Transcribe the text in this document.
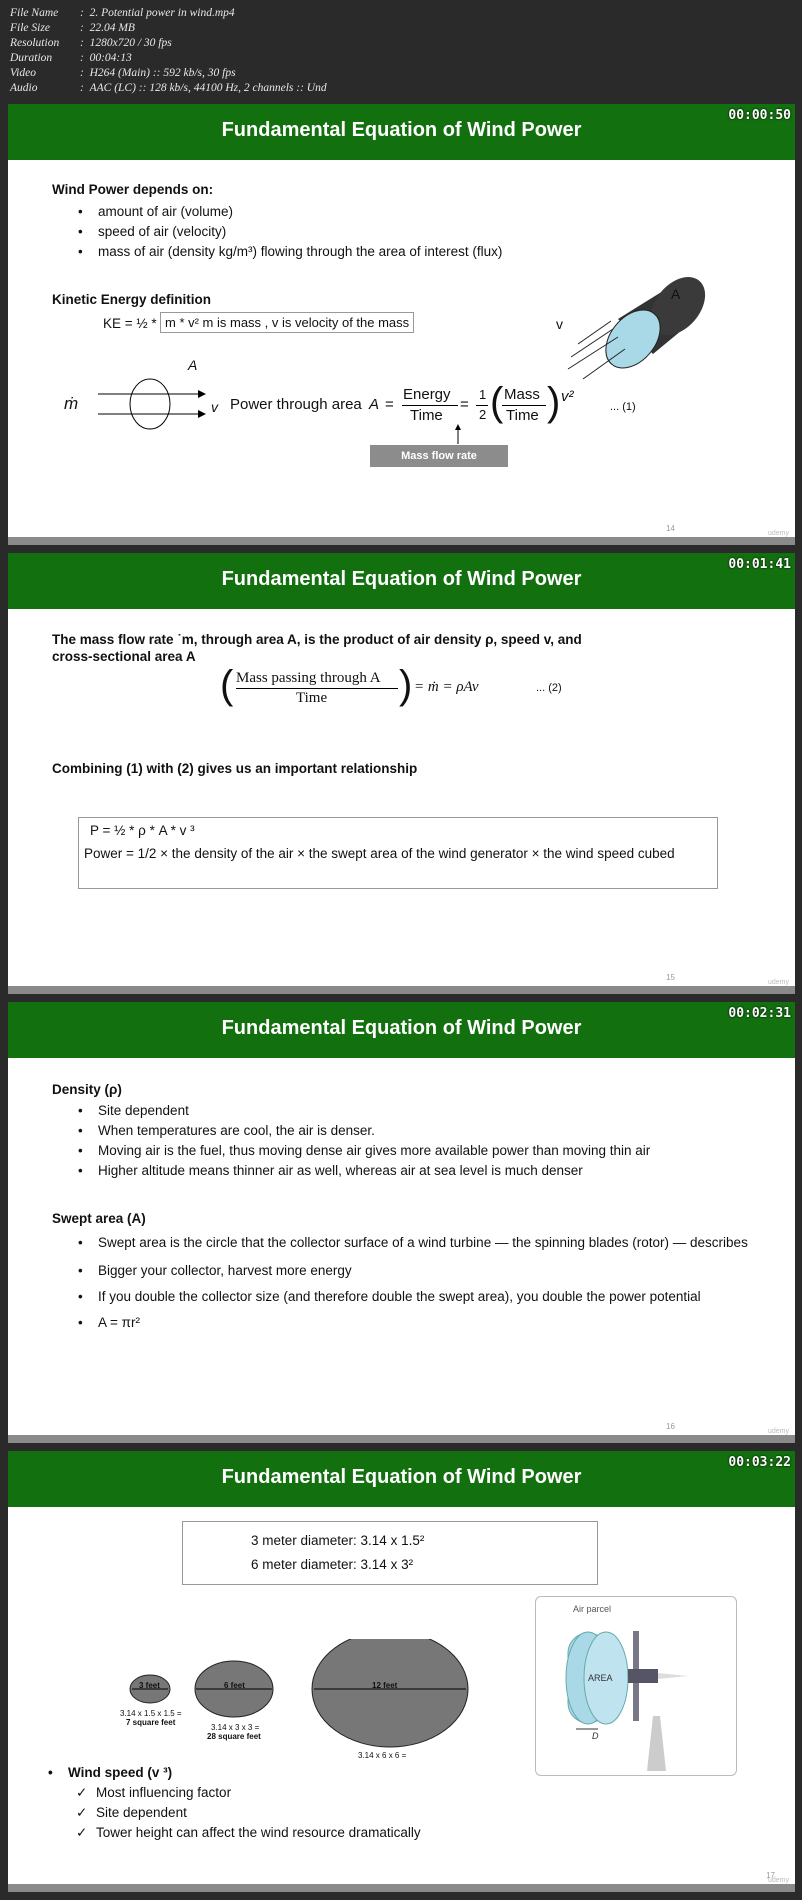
File Name	: 2. Potential power in wind.mp4
File Size	: 22.04 MB
Resolution	: 1280x720 / 30 fps
Duration	: 00:04:13
Video	: H264 (Main) :: 592 kb/s, 30 fps
Audio	: AAC (LC) :: 128 kb/s, 44100 Hz, 2 channels :: Und
Fundamental Equation of Wind Power
00:00:50
Wind Power depends on:
• amount of air (volume)
• speed of air (velocity)
• mass of air (density kg/m³) flowing through the area of interest (flux)
Kinetic Energy definition
KE = ½ * m * v² m is mass , v is velocity of the mass
A
v
ṁ
A
v Power through area A =
Energy
Time
=
1
2 ( Mass
Time ) v²
... (1)
Mass flow rate
14
udemy
Fundamental Equation of Wind Power
00:01:41
The mass flow rate ˙m, through area A, is the product of air density ρ, speed v, and cross-sectional area A
( Mass passing through A
Time ) = ṁ = ρAv	... (2)
Combining (1) with (2) gives us an important relationship
P = ½ * ρ * A * v ³
Power = 1/2 × the density of the air × the swept area of the wind generator × the wind speed cubed
15
udemy
Fundamental Equation of Wind Power
00:02:31
Density (ρ)
• Site dependent
• When temperatures are cool, the air is denser.
• Moving air is the fuel, thus moving dense air gives more available power than moving thin air
• Higher altitude means thinner air as well, whereas air at sea level is much denser
Swept area (A)
• Swept area is the circle that the collector surface of a wind turbine — the spinning blades (rotor) — describes
• Bigger your collector, harvest more energy
• If you double the collector size (and therefore double the swept area), you double the power potential
• A = πr²
16
udemy
Fundamental Equation of Wind Power
00:03:22
3 meter diameter: 3.14 x 1.5²
6 meter diameter: 3.14 x 3²
3 feet	6 feet	12 feet
3.14 x 1.5 x 1.5 =
7 square feet
3.14 x 3 x 3 =
28 square feet
3.14 x 6 x 6 =
Air parcel
AREA
D
• Wind speed (v ³)
✓ Most influencing factor
✓ Site dependent
✓ Tower height can affect the wind resource dramatically
17
udemy
